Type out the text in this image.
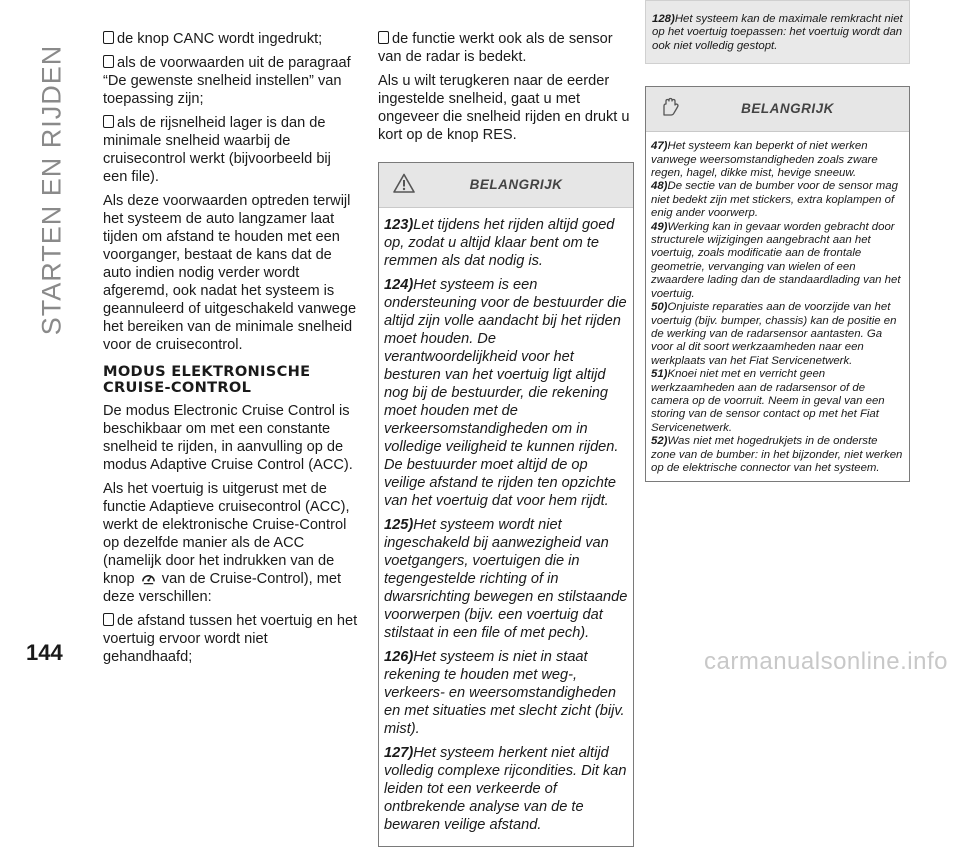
STARTEN EN RIJDEN

de knop CANC wordt ingedrukt;

als de voorwaarden uit de paragraaf “De gewenste snelheid instellen” van toepassing zijn;

als de rijsnelheid lager is dan de minimale snelheid waarbij de cruisecontrol werkt (bijvoorbeeld bij een file).

Als deze voorwaarden optreden terwijl het systeem de auto langzamer laat tijden om afstand te houden met een voorganger, bestaat de kans dat de auto indien nodig verder wordt afgeremd, ook nadat het systeem is geannuleerd of uitgeschakeld vanwege het bereiken van de minimale snelheid voor de cruisecontrol.

MODUS ELEKTRONISCHE CRUISE-CONTROL

De modus Electronic Cruise Control is beschikbaar om met een constante snelheid te rijden, in aanvulling op de modus Adaptive Cruise Control (ACC).

Als het voertuig is uitgerust met de functie Adaptieve cruisecontrol (ACC), werkt de elektronische Cruise-Control op dezelfde manier als de ACC (namelijk door het indrukken van de knop van de Cruise-Control), met deze verschillen:

de afstand tussen het voertuig en het voertuig ervoor wordt niet gehandhaafd;

de functie werkt ook als de sensor van de radar is bedekt.

Als u wilt terugkeren naar de eerder ingestelde snelheid, gaat u met ongeveer die snelheid rijden en drukt u kort op de knop RES.

BELANGRIJK

123)Let tijdens het rijden altijd goed op, zodat u altijd klaar bent om te remmen als dat nodig is.

124)Het systeem is een ondersteuning voor de bestuurder die altijd zijn volle aandacht bij het rijden moet houden. De verantwoordelijkheid voor het besturen van het voertuig ligt altijd nog bij de bestuurder, die rekening moet houden met de verkeersomstandigheden om in volledige veiligheid te kunnen rijden. De bestuurder moet altijd de op veilige afstand te rijden ten opzichte van het voertuig dat voor hem rijdt.

125)Het systeem wordt niet ingeschakeld bij aanwezigheid van voetgangers, voertuigen die in tegengestelde richting of in dwarsrichting bewegen en stilstaande voorwerpen (bijv. een voertuig dat stilstaat in een file of met pech).

126)Het systeem is niet in staat rekening te houden met weg-, verkeers- en weersomstandigheden en met situaties met slecht zicht (bijv. mist).

127)Het systeem herkent niet altijd volledig complexe rijcondities. Dit kan leiden tot een verkeerde of ontbrekende analyse van de te bewaren veilige afstand.

128)Het systeem kan de maximale remkracht niet op het voertuig toepassen: het voertuig wordt dan ook niet volledig gestopt.

BELANGRIJK

47)Het systeem kan beperkt of niet werken vanwege weersomstandigheden zoals zware regen, hagel, dikke mist, hevige sneeuw.

48)De sectie van de bumber voor de sensor mag niet bedekt zijn met stickers, extra koplampen of enig ander voorwerp.

49)Werking kan in gevaar worden gebracht door structurele wijzigingen aangebracht aan het voertuig, zoals modificatie aan de frontale geometrie, vervanging van wielen of een zwaardere lading dan de standaardlading van het voertuig.

50)Onjuiste reparaties aan de voorzijde van het voertuig (bijv. bumper, chassis) kan de positie en de werking van de radarsensor aantasten. Ga voor al dit soort werkzaamheden naar een werkplaats van het Fiat Servicenetwerk.

51)Knoei niet met en verricht geen werkzaamheden aan de radarsensor of de camera op de voorruit. Neem in geval van een storing van de sensor contact op met het Fiat Servicenetwerk.

52)Was niet met hogedrukjets in de onderste zone van de bumber: in het bijzonder, niet werken op de elektrische connector van het systeem.

144	carmanualsonline.info
